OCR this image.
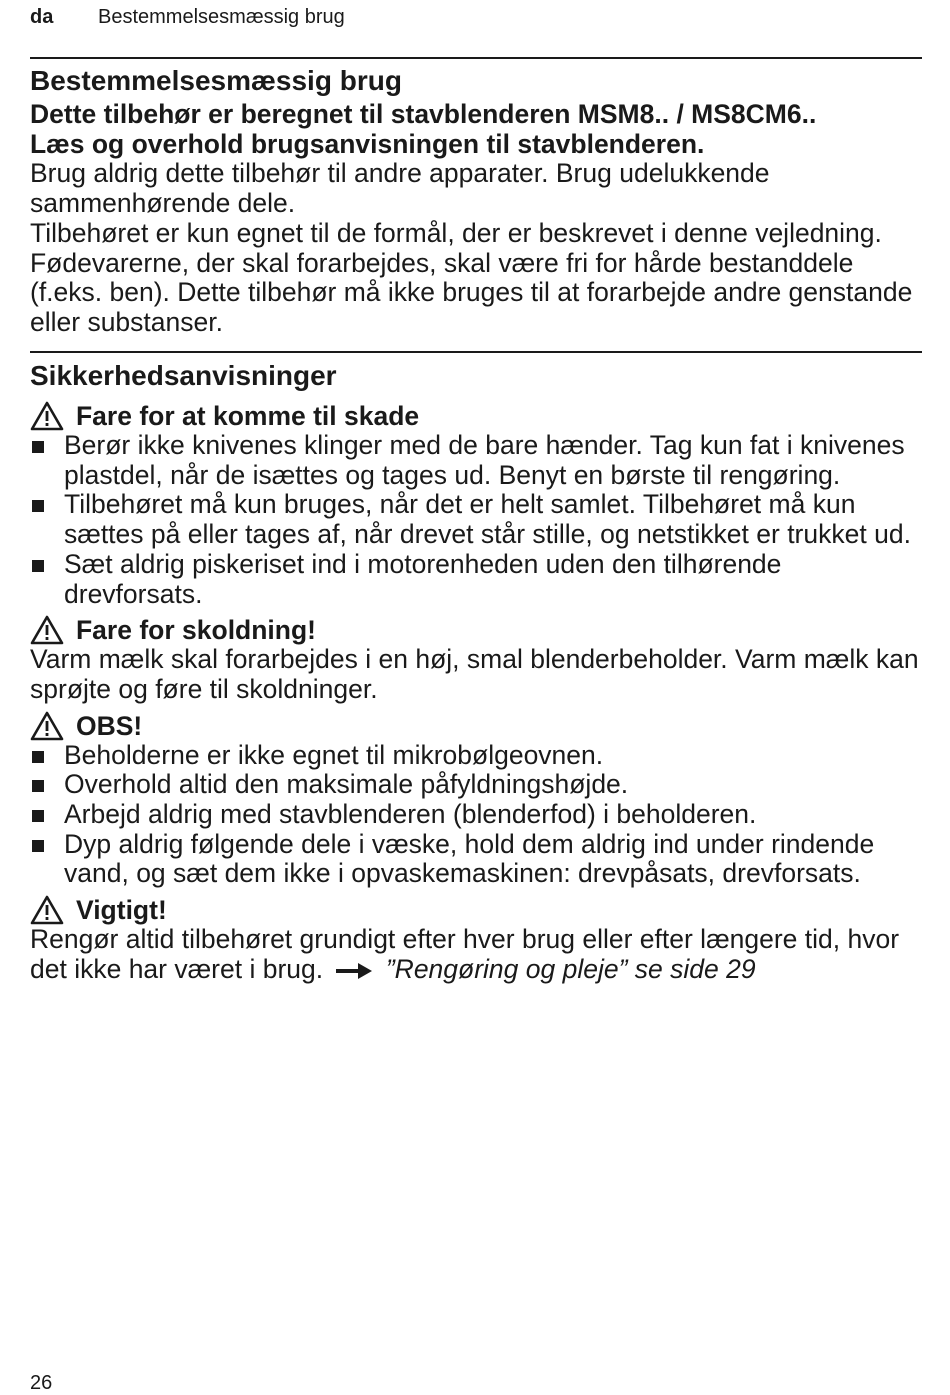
da Bestemmelsesmæssig brug
Bestemmelsesmæssig brug

Dette tilbehør er beregnet til stavblenderen MSM8.. / MS8CM6..

Læs og overhold brugsanvisningen til stavblenderen.

Brug aldrig dette tilbehør til andre apparater. Brug udelukkende sammenhørende dele.

Tilbehøret er kun egnet til de formål, der er beskrevet i denne vejledning. Fødevarerne, der skal forarbejdes, skal være fri for hårde bestanddele (f.eks. ben). Dette tilbehør må ikke bruges til at forarbejde andre genstande eller substanser.

Sikkerhedsanvisninger
Fare for at komme til skade
Berør ikke knivenes klinger med de bare hænder. Tag kun fat i knivenes plastdel, når de isættes og tages ud. Benyt en børste til rengøring.
Tilbehøret må kun bruges, når det er helt samlet. Tilbehøret må kun sættes på eller tages af, når drevet står stille, og netstikket er trukket ud.
Sæt aldrig piskeriset ind i motorenheden uden den tilhørende drevforsats.
Fare for skoldning!

Varm mælk skal forarbejdes i en høj, smal blenderbeholder. Varm mælk kan sprøjte og føre til skoldninger.

OBS!
Beholderne er ikke egnet til mikrobølgeovnen.
Overhold altid den maksimale påfyldningshøjde.
Arbejd aldrig med stavblenderen (blenderfod) i beholderen.
Dyp aldrig følgende dele i væske, hold dem aldrig ind under rindende vand, og sæt dem ikke i opvaskemaskinen: drevpåsats, drevforsats.
Vigtigt!

Rengør altid tilbehøret grundigt efter hver brug eller efter længere tid, hvor det ikke har været i brug. ”Rengøring og pleje” se side 29

26
